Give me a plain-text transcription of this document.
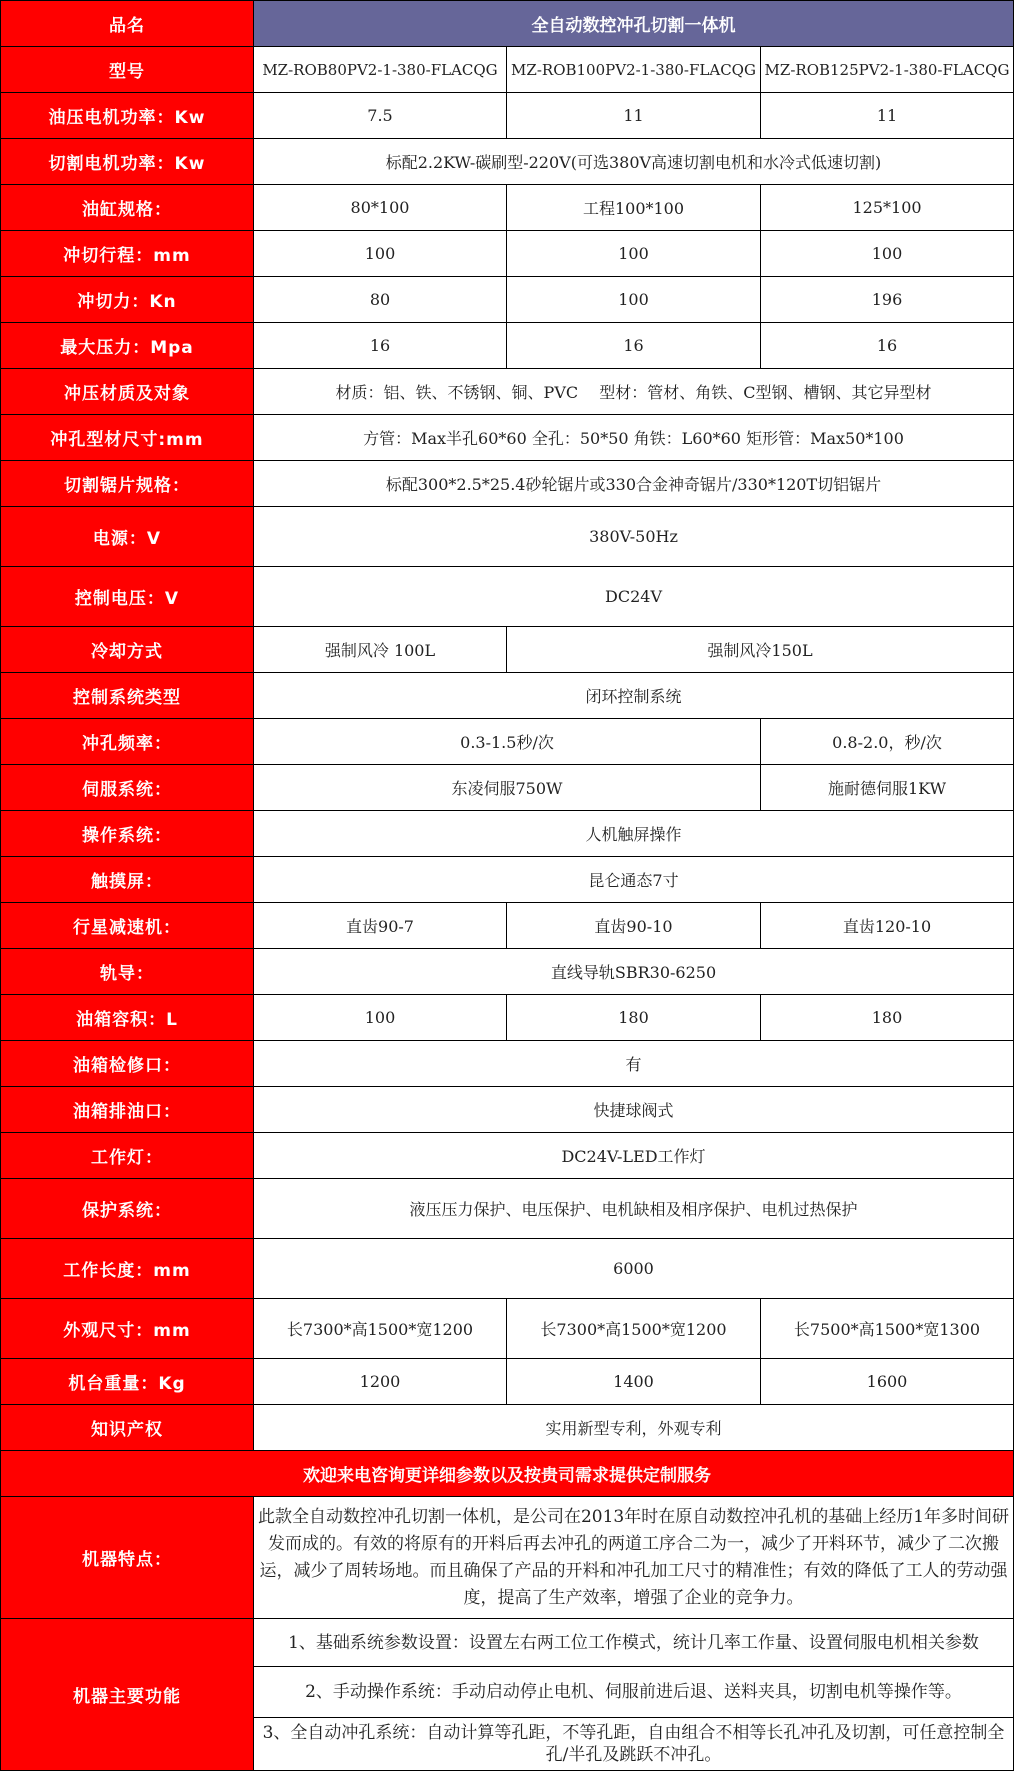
品名	全自动数控冲孔切割一体机		
型号	MZ-ROB80PV2-1-380-FLACQG	MZ-ROB100PV2-1-380-FLACQG	MZ-ROB125PV2-1-380-FLACQG
油压电机功率：Kw	7.5	11	11
切割电机功率：Kw	标配2.2KW-碳刷型-220V(可选380V高速切割电机和水冷式低速切割)		
油缸规格：	80*100	工程100*100	125*100
冲切行程：mm	100	100	100
冲切力：Kn	80	100	196
最大压力：Mpa	16	16	16
冲压材质及对象	材质：铝、铁、不锈钢、铜、PVC　 型材：管材、角铁、C型钢、槽钢、其它异型材		
冲孔型材尺寸:mm	方管：Max半孔60*60 全孔：50*50 角铁：L60*60 矩形管：Max50*100		
切割锯片规格：	标配300*2.5*25.4砂轮锯片或330合金神奇锯片/330*120T切铝锯片		
电源：V	380V-50Hz		
控制电压：V	DC24V		
冷却方式	强制风冷 100L	强制风冷150L	
控制系统类型	闭环控制系统		
冲孔频率：	0.3-1.5秒/次		0.8-2.0，秒/次
伺服系统：	东凌伺服750W		施耐德伺服1KW
操作系统：	人机触屏操作		
触摸屏：	昆仑通态7寸		
行星减速机：	直齿90-7	直齿90-10	直齿120-10
轨导：	直线导轨SBR30-6250		
油箱容积：L	100	180	180
油箱检修口：	有		
油箱排油口：	快捷球阀式		
工作灯：	DC24V-LED工作灯		
保护系统：	液压压力保护、电压保护、电机缺相及相序保护、电机过热保护		
工作长度：mm	6000		
外观尺寸：mm	长7300*高1500*宽1200	长7300*高1500*宽1200	长7500*高1500*宽1300
机台重量：Kg	1200	1400	1600
知识产权	实用新型专利，外观专利		
欢迎来电咨询更详细参数以及按贵司需求提供定制服务			
机器特点：	此款全自动数控冲孔切割一体机，是公司在2013年时在原自动数控冲孔机的基础上经历1年多时间研发而成的。有效的将原有的开料后再去冲孔的两道工序合二为一，减少了开料环节，减少了二次搬运，减少了周转场地。而且确保了产品的开料和冲孔加工尺寸的精准性；有效的降低了工人的劳动强度，提高了生产效率，增强了企业的竞争力。		
机器主要功能	1、基础系统参数设置：设置左右两工位工作模式，统计几率工作量、设置伺服电机相关参数		
	2、手动操作系统：手动启动停止电机、伺服前进后退、送料夹具，切割电机等操作等。		
	3、全自动冲孔系统：自动计算等孔距，不等孔距，自由组合不相等长孔冲孔及切割，可任意控制全孔/半孔及跳跃不冲孔。		
